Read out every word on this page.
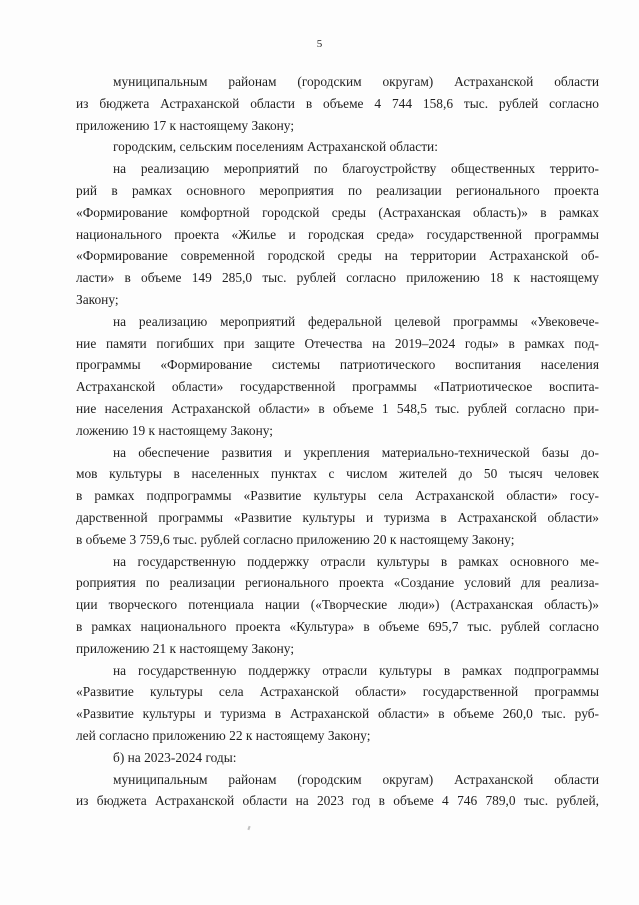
5
муниципальным районам (городским округам) Астраханской области
из бюджета Астраханской области в объеме 4 744 158,6 тыс. рублей согласно
приложению 17 к настоящему Закону;
городским, сельским поселениям Астраханской области:
на реализацию мероприятий по благоустройству общественных террито-
рий в рамках основного мероприятия по реализации регионального проекта
«Формирование комфортной городской среды (Астраханская область)» в рамках
национального проекта «Жилье и городская среда» государственной программы
«Формирование современной городской среды на территории Астраханской об-
ласти» в объеме 149 285,0 тыс. рублей согласно приложению 18 к настоящему
Закону;
на реализацию мероприятий федеральной целевой программы «Увековече-
ние памяти погибших при защите Отечества на 2019–2024 годы» в рамках под-
программы «Формирование системы патриотического воспитания населения
Астраханской области» государственной программы «Патриотическое воспита-
ние населения Астраханской области» в объеме 1 548,5 тыс. рублей согласно при-
ложению 19 к настоящему Закону;
на обеспечение развития и укрепления материально-технической базы до-
мов культуры в населенных пунктах с числом жителей до 50 тысяч человек
в рамках подпрограммы «Развитие культуры села Астраханской области» госу-
дарственной программы «Развитие культуры и туризма в Астраханской области»
в объеме 3 759,6 тыс. рублей согласно приложению 20 к настоящему Закону;
на государственную поддержку отрасли культуры в рамках основного ме-
роприятия по реализации регионального проекта «Создание условий для реализа-
ции творческого потенциала нации («Творческие люди») (Астраханская область)»
в рамках национального проекта «Культура» в объеме 695,7 тыс. рублей согласно
приложению 21 к настоящему Закону;
на государственную поддержку отрасли культуры в рамках подпрограммы
«Развитие культуры села Астраханской области» государственной программы
«Развитие культуры и туризма в Астраханской области» в объеме 260,0 тыс. руб-
лей согласно приложению 22 к настоящему Закону;
б) на 2023-2024 годы:
муниципальным районам (городским округам) Астраханской области
из бюджета Астраханской области на 2023 год в объеме 4 746 789,0 тыс. рублей,
